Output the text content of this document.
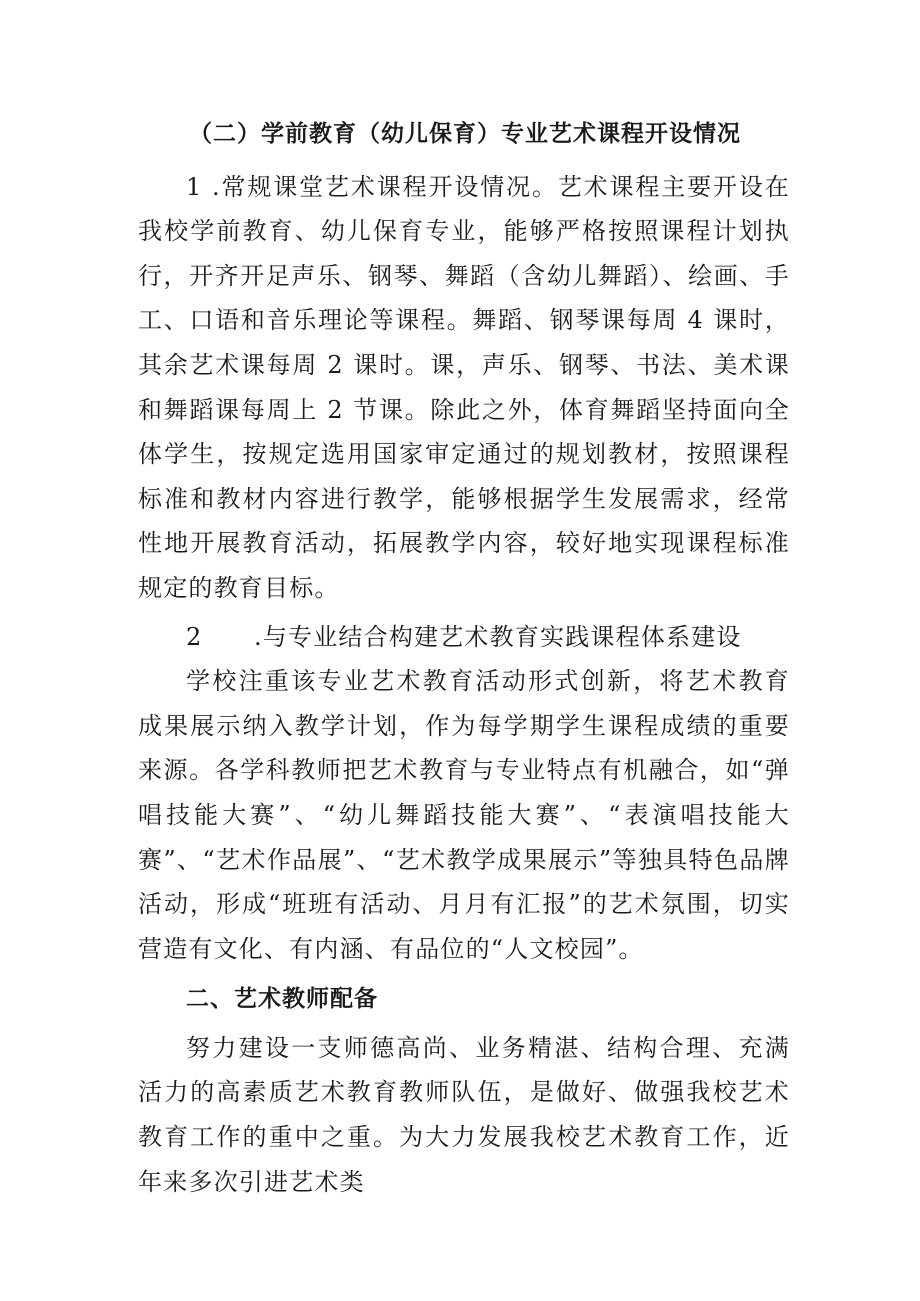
（二）学前教育（幼儿保育）专业艺术课程开设情况

1 .常规课堂艺术课程开设情况。艺术课程主要开设在我校学前教育、幼儿保育专业，能够严格按照课程计划执行，开齐开足声乐、钢琴、舞蹈（含幼儿舞蹈）、绘画、手工、口语和音乐理论等课程。舞蹈、钢琴课每周 4 课时，其余艺术课每周 2 课时。课，声乐、钢琴、书法、美术课和舞蹈课每周上 2 节课。除此之外，体育舞蹈坚持面向全体学生，按规定选用国家审定通过的规划教材，按照课程标准和教材内容进行教学，能够根据学生发展需求，经常性地开展教育活动，拓展教学内容，较好地实现课程标准规定的教育目标。

2 .与专业结合构建艺术教育实践课程体系建设

学校注重该专业艺术教育活动形式创新，将艺术教育成果展示纳入教学计划，作为每学期学生课程成绩的重要来源。各学科教师把艺术教育与专业特点有机融合，如“弹唱技能大赛”、“幼儿舞蹈技能大赛”、“表演唱技能大赛”、“艺术作品展”、“艺术教学成果展示”等独具特色品牌活动，形成“班班有活动、月月有汇报”的艺术氛围，切实营造有文化、有内涵、有品位的“人文校园”。

二、艺术教师配备

努力建设一支师德高尚、业务精湛、结构合理、充满活力的高素质艺术教育教师队伍，是做好、做强我校艺术教育工作的重中之重。为大力发展我校艺术教育工作，近年来多次引进艺术类
